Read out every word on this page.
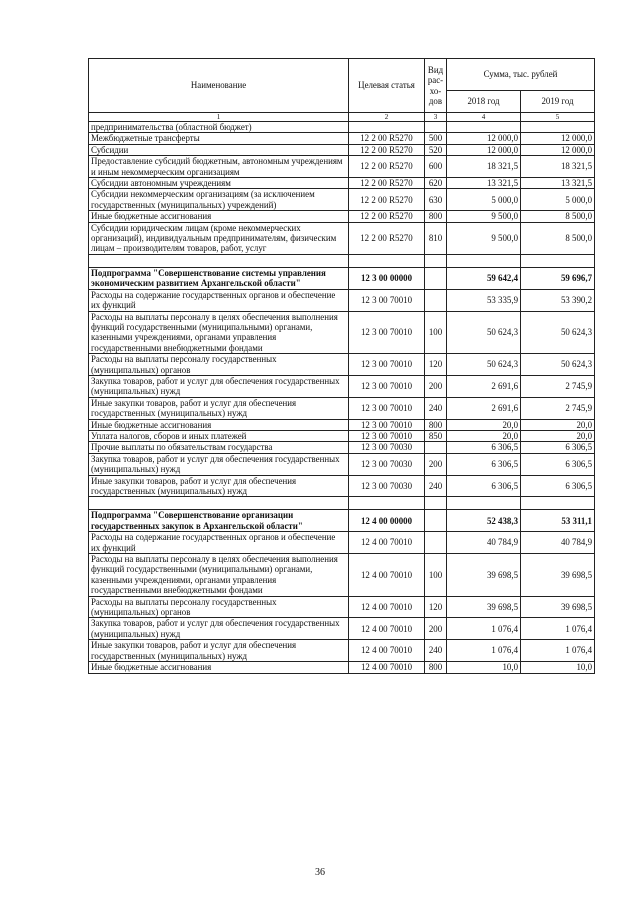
Наименование	Целевая статья	Вид рас-хо-дов	Сумма, тыс. рублей	
			2018 год	2019 год
1	2	3	4	5
предпринимательства (областной бюджет)				
Межбюджетные трансферты	12 2 00 R5270	500	12 000,0	12 000,0
Субсидии	12 2 00 R5270	520	12 000,0	12 000,0
Предоставление субсидий бюджетным, автономным учреждениям и иным некоммерческим организациям	12 2 00 R5270	600	18 321,5	18 321,5
Субсидии автономным учреждениям	12 2 00 R5270	620	13 321,5	13 321,5
Субсидии некоммерческим организациям (за исключением государственных (муниципальных) учреждений)	12 2 00 R5270	630	5 000,0	5 000,0
Иные бюджетные ассигнования	12 2 00 R5270	800	9 500,0	8 500,0
Субсидии юридическим лицам (кроме некоммерческих организаций), индивидуальным предпринимателям, физическим лицам – производителям товаров, работ, услуг	12 2 00 R5270	810	9 500,0	8 500,0

Подпрограмма "Совершенствование системы управления экономическим развитием Архангельской области"	12 3 00 00000		59 642,4	59 696,7
Расходы на содержание государственных органов и обеспечение их функций	12 3 00 70010		53 335,9	53 390,2
Расходы на выплаты персоналу в целях обеспечения выполнения функций государственными (муниципальными) органами, казенными учреждениями, органами управления государственными внебюджетными фондами	12 3 00 70010	100	50 624,3	50 624,3
Расходы на выплаты персоналу государственных (муниципальных) органов	12 3 00 70010	120	50 624,3	50 624,3
Закупка товаров, работ и услуг для обеспечения государственных (муниципальных) нужд	12 3 00 70010	200	2 691,6	2 745,9
Иные закупки товаров, работ и услуг для обеспечения государственных (муниципальных) нужд	12 3 00 70010	240	2 691,6	2 745,9
Иные бюджетные ассигнования	12 3 00 70010	800	20,0	20,0
Уплата налогов, сборов и иных платежей	12 3 00 70010	850	20,0	20,0
Прочие выплаты по обязательствам государства	12 3 00 70030		6 306,5	6 306,5
Закупка товаров, работ и услуг для обеспечения государственных (муниципальных) нужд	12 3 00 70030	200	6 306,5	6 306,5
Иные закупки товаров, работ и услуг для обеспечения государственных (муниципальных) нужд	12 3 00 70030	240	6 306,5	6 306,5

Подпрограмма "Совершенствование организации государственных закупок в Архангельской области"	12 4 00 00000		52 438,3	53 311,1
Расходы на содержание государственных органов и обеспечение их функций	12 4 00 70010		40 784,9	40 784,9
Расходы на выплаты персоналу в целях обеспечения выполнения функций государственными (муниципальными) органами, казенными учреждениями, органами управления государственными внебюджетными фондами	12 4 00 70010	100	39 698,5	39 698,5
Расходы на выплаты персоналу государственных (муниципальных) органов	12 4 00 70010	120	39 698,5	39 698,5
Закупка товаров, работ и услуг для обеспечения государственных (муниципальных) нужд	12 4 00 70010	200	1 076,4	1 076,4
Иные закупки товаров, работ и услуг для обеспечения государственных (муниципальных) нужд	12 4 00 70010	240	1 076,4	1 076,4
Иные бюджетные ассигнования	12 4 00 70010	800	10,0	10,0
36
